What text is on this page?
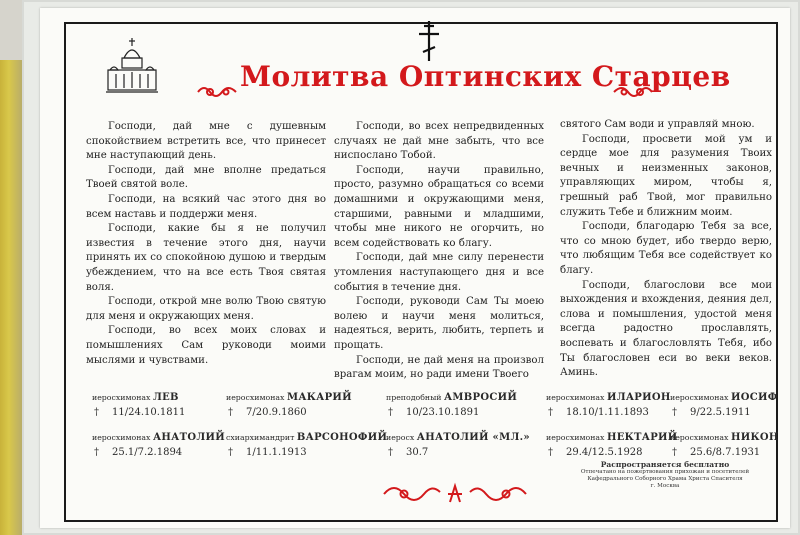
Молитва Оптинских Старцев

Господи, дай мне с душевным спокойствием встретить все, что принесет мне наступающий день.

Господи, дай мне вполне предаться Твоей святой воле.

Господи, на всякий час этого дня во всем наставь и поддержи меня.

Господи, какие бы я не получил известия в течение этого дня, научи принять их со спокойною душою и твердым убеждением, что на все есть Твоя святая воля.

Господи, открой мне волю Твою святую для меня и окружающих меня.

Господи, во всех моих словах и помышлениях Сам руководи моими мыслями и чувствами.

Господи, во всех непредвиденных случаях не дай мне забыть, что все ниспослано Тобой.

Господи, научи правильно, просто, разумно обращаться со всеми домашними и окружающими меня, старшими, равными и младшими, чтобы мне никого не огорчить, но всем содействовать ко благу.

Господи, дай мне силу перенести утомления наступающего дня и все события в течение дня.

Господи, руководи Сам Ты моею волею и научи меня молиться, надеяться, верить, любить, терпеть и прощать.

Господи, не дай меня на произвол врагам моим, но ради имени Твоего

святого Сам води и управляй мною.

Господи, просвети мой ум и сердце мое для разумения Твоих вечных и неизменных законов, управляющих миром, чтобы я, грешный раб Твой, мог правильно служить Тебе и ближним моим.

Господи, благодарю Тебя за все, что со мною будет, ибо твердо верю, что любящим Тебя все содействует ко благу.

Господи, благослови все мои выхождения и вхождения, деяния дел, слова и помышления, удостой меня всегда радостно прославлять, воспевать и благословлять Тебя, ибо Ты благословен еси во веки веков. Аминь.

иеросхимонах ЛЕВ
† 11/24.10.1811
иеросхимонах МАКАРИЙ
† 7/20.9.1860
преподобный АМВРОСИЙ
† 10/23.10.1891
иеросхимонах ИЛАРИОН
† 18.10/1.11.1893
иеросхимонах ИОСИФ
† 9/22.5.1911
иеросхимонах АНАТОЛИЙ
† 25.1/7.2.1894
схиархимандрит ВАРСОНОФИЙ
† 1/11.1.1913
иеросх АНАТОЛИЙ «МЛ.»
† 30.7
иеросхимонах НЕКТАРИЙ
† 29.4/12.5.1928
иеросхимонах НИКОН
† 25.6/8.7.1931
Распространяется бесплатно
Отпечатано на пожертвования прихожан и посетителей
Кафедрального Соборного Храма Христа Спасителя
г. Москва
